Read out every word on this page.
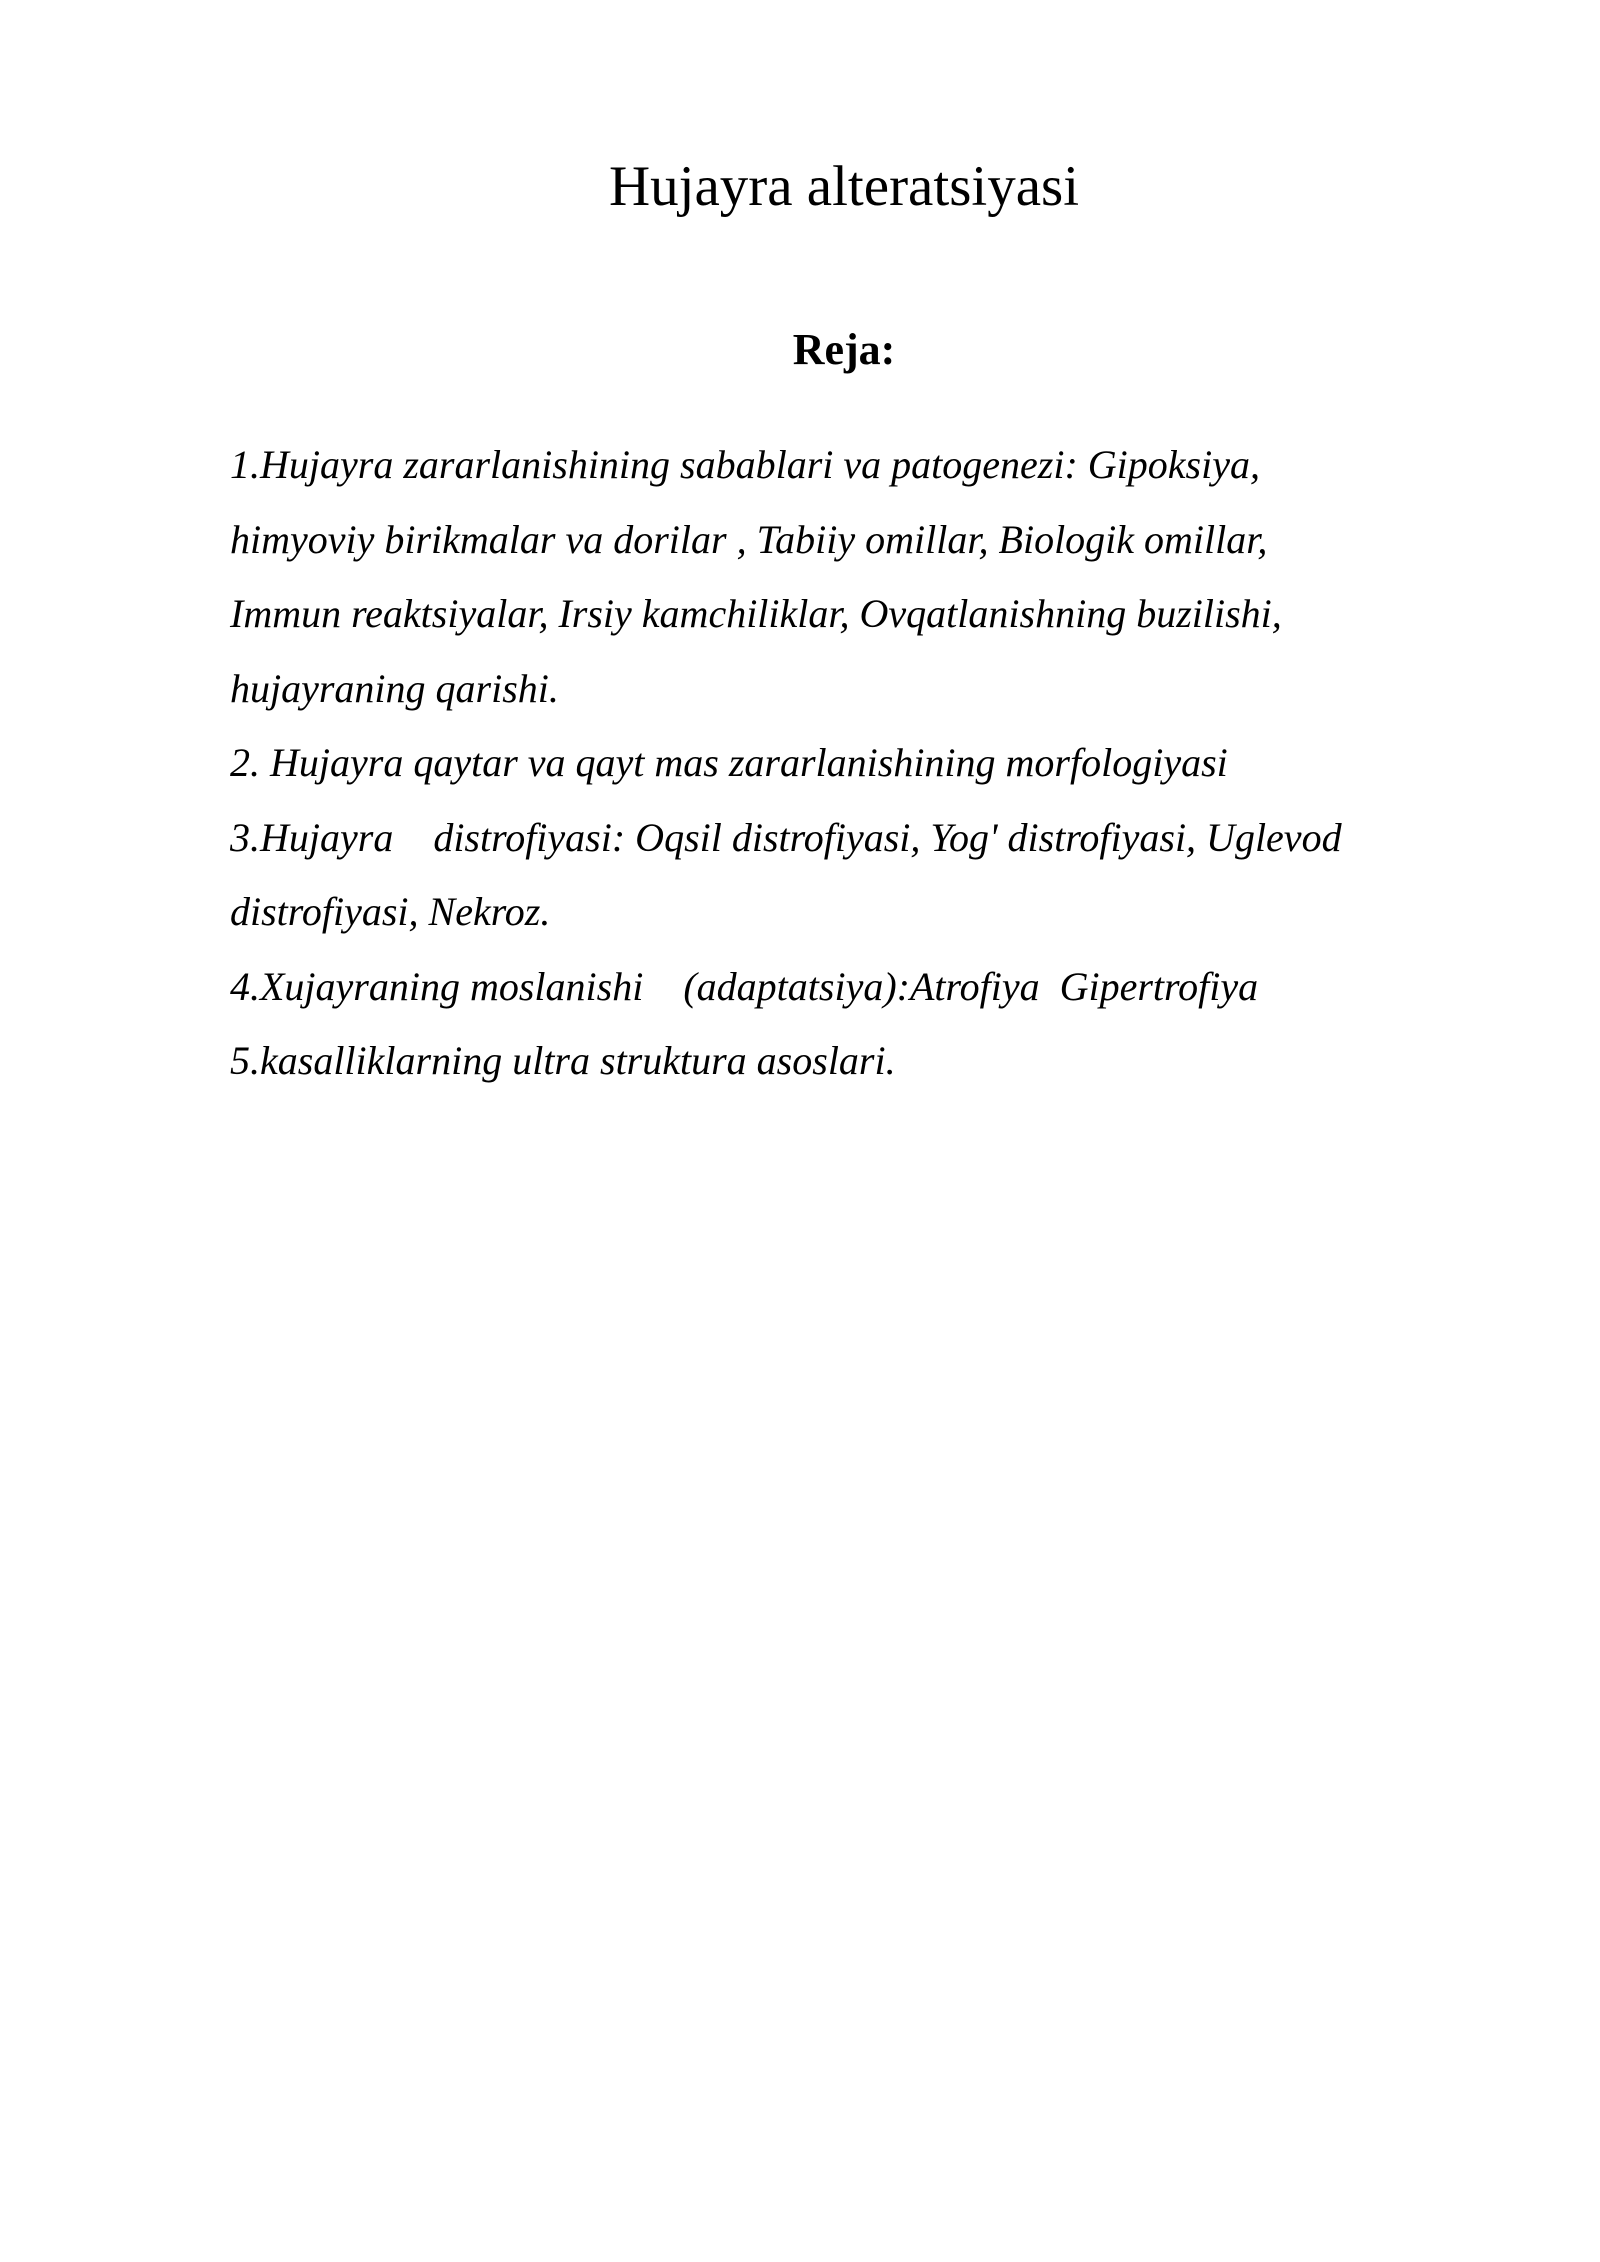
Hujayra alteratsiyasi
Reja:
1.Hujayra zararlanishining sabablari va patogenezi: Gipoksiya,
himyoviy birikmalar va dorilar , Tabiiy omillar, Biologik omillar,
Immun reaktsiyalar, Irsiy kamchiliklar, Ovqatlanishning buzilishi,
hujayraning qarishi.
2. Hujayra qaytar va qayt mas zararlanishining morfologiyasi
3.Hujayra    distrofiyasi: Oqsil distrofiyasi, Yog' distrofiyasi, Uglevod
distrofiyasi, Nekroz.
4.Xujayraning moslanishi    (adaptatsiya):Atrofiya  Gipertrofiya
5.kasalliklarning ultra struktura asoslari.
